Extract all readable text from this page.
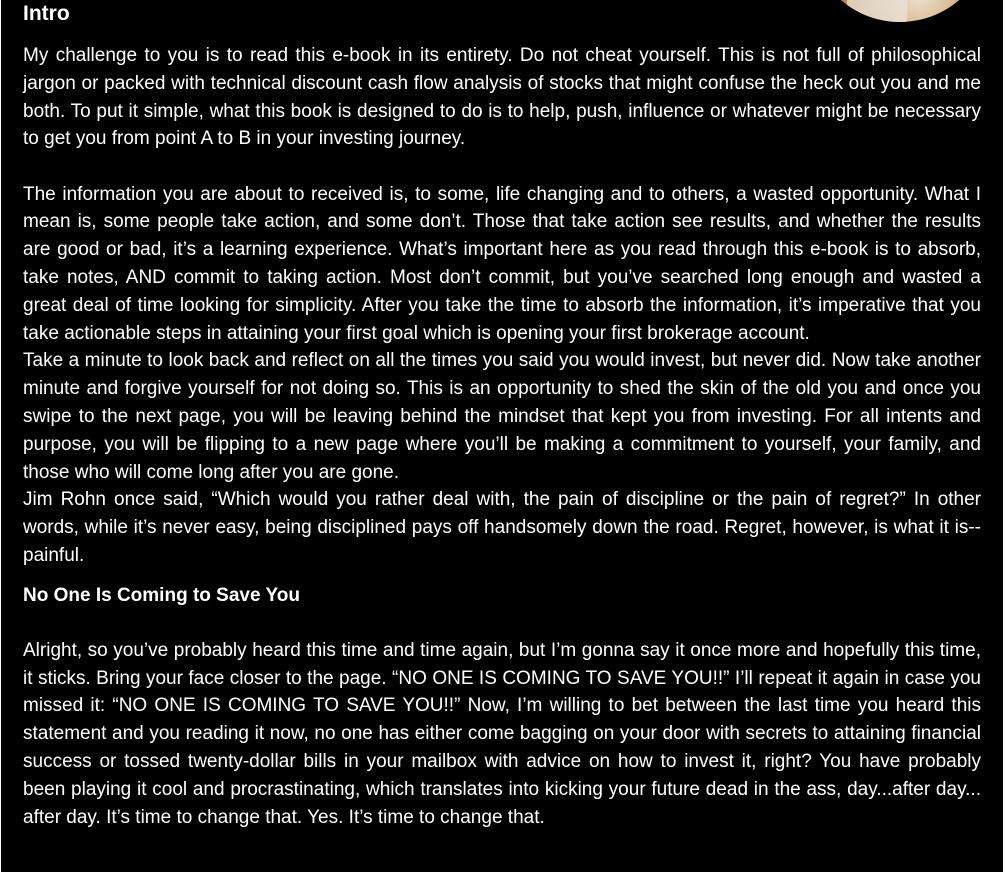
Intro

My challenge to you is to read this e-book in its entirety. Do not cheat yourself. This is not full of philosophical jargon or packed with technical discount cash flow analysis of stocks that might confuse the heck out you and me both. To put it simple, what this book is designed to do is to help, push, influence or whatever might be necessary to get you from point A to B in your investing journey.

The information you are about to received is, to some, life changing and to others, a wasted opportunity. What I mean is, some people take action, and some don’t. Those that take action see results, and whether the results are good or bad, it’s a learning experience. What’s important here as you read through this e-book is to absorb, take notes, AND commit to taking action. Most don’t commit, but you’ve searched long enough and wasted a great deal of time looking for simplicity. After you take the time to absorb the information, it’s imperative that you take actionable steps in attaining your first goal which is opening your first brokerage account.

Take a minute to look back and reflect on all the times you said you would invest, but never did. Now take another minute and forgive yourself for not doing so. This is an opportunity to shed the skin of the old you and once you swipe to the next page, you will be leaving behind the mindset that kept you from investing. For all intents and purpose, you will be flipping to a new page where you’ll be making a commitment to yourself, your family, and those who will come long after you are gone.

Jim Rohn once said, “Which would you rather deal with, the pain of discipline or the pain of regret?” In other words, while it’s never easy, being disciplined pays off handsomely down the road. Regret, however, is what it is--painful.

No One Is Coming to Save You

Alright, so you’ve probably heard this time and time again, but I’m gonna say it once more and hopefully this time, it sticks. Bring your face closer to the page. “NO ONE IS COMING TO SAVE YOU!!” I’ll repeat it again in case you missed it: “NO ONE IS COMING TO SAVE YOU!!” Now, I’m willing to bet between the last time you heard this statement and you reading it now, no one has either come bagging on your door with secrets to attaining financial success or tossed twenty-dollar bills in your mailbox with advice on how to invest it, right? You have probably been playing it cool and procrastinating, which translates into kicking your future dead in the ass, day...after day... after day. It’s time to change that. Yes. It’s time to change that.
